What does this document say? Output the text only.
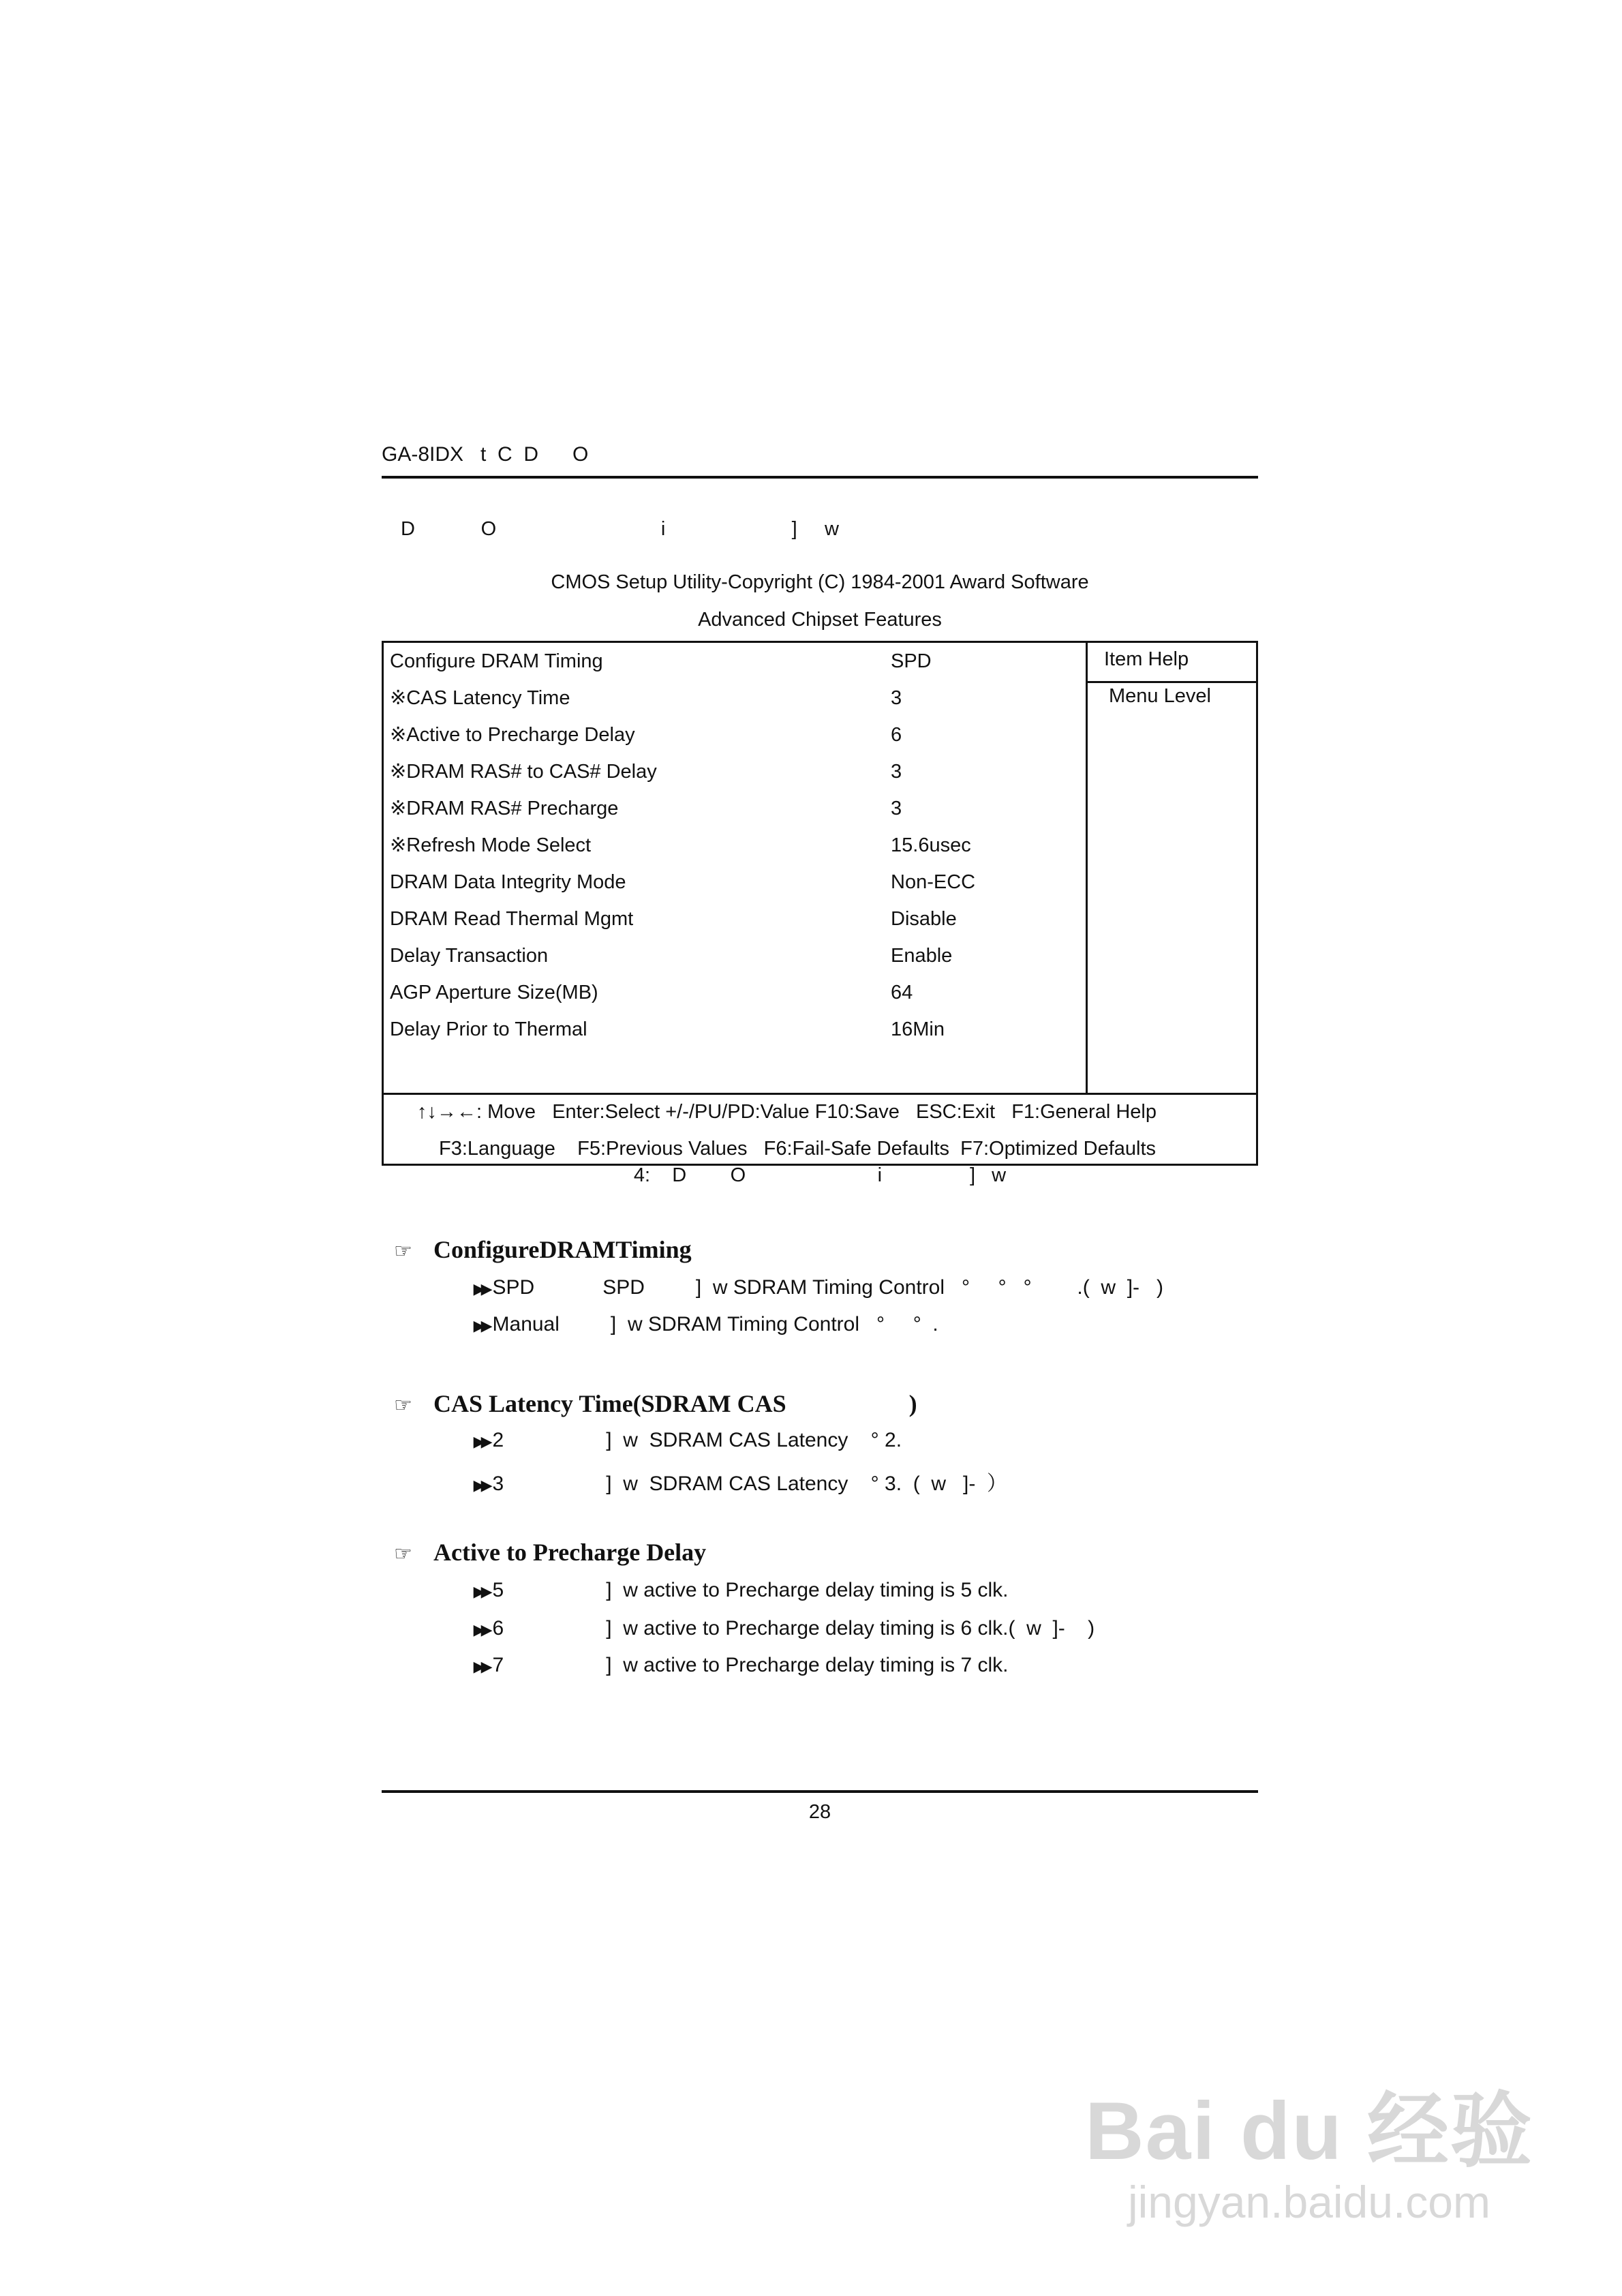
GA-8IDX   t  C  D      O
D            O                              i                       ]     w
CMOS Setup Utility-Copyright (C) 1984-2001 Award Software
Advanced Chipset Features
Configure DRAM Timing	SPD
※CAS Latency Time	3
※Active to Precharge Delay	6
※DRAM RAS# to CAS# Delay	3
※DRAM RAS# Precharge	3
※Refresh Mode Select	15.6usec
DRAM Data Integrity Mode	Non-ECC
DRAM Read Thermal Mgmt	Disable
Delay Transaction	Enable
AGP Aperture Size(MB)	64
Delay Prior to Thermal	16Min
Item Help
Menu Level
↑↓→←: Move   Enter:Select +/-/PU/PD:Value F10:Save   ESC:Exit   F1:General Help
F3:Language    F5:Previous Values   F6:Fail-Safe Defaults  F7:Optimized Defaults
4:    D        O                        i                ]   w

☞ ConfigureDRAMTiming

▶▶ SPD            SPD         ]  w SDRAM Timing Control   °     °   °        .(  w  ]-   )

▶▶ Manual         ]  w SDRAM Timing Control   °     °  .

☞ CAS Latency Time(SDRAM CAS                    )

▶▶ 2                  ]  w  SDRAM CAS Latency    ° 2.

▶▶ 3                  ]  w  SDRAM CAS Latency    ° 3.  (  w   ]-  ）

☞ Active to Precharge Delay

▶▶ 5                  ]  w active to Precharge delay timing is 5 clk.

▶▶ 6                  ]  w active to Precharge delay timing is 6 clk.(  w  ]-    )

▶▶ 7                  ]  w active to Precharge delay timing is 7 clk.

28
Bai du 经验
jingyan.baidu.com
